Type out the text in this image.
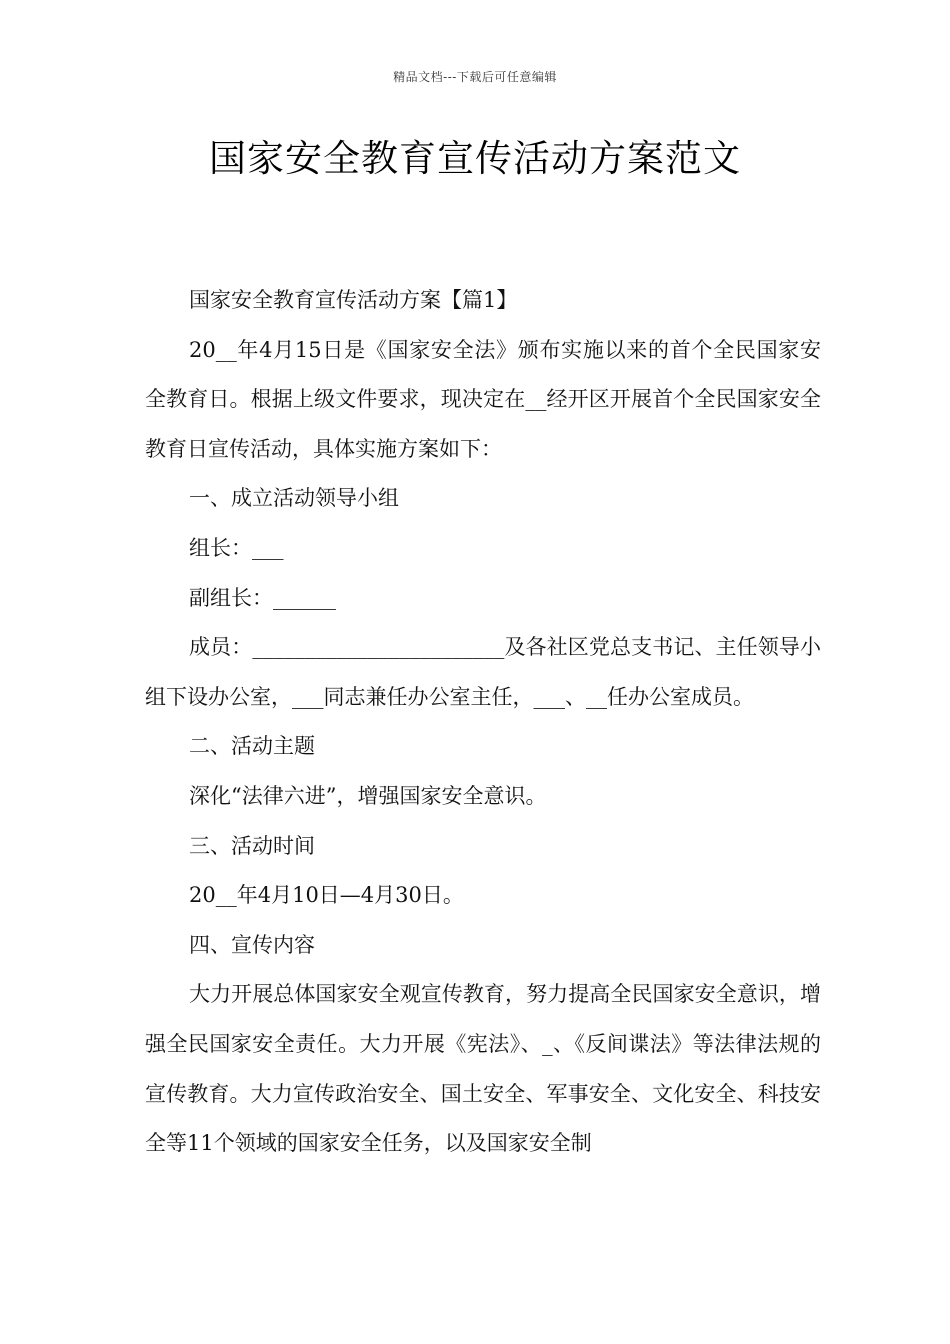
精品文档---下载后可任意编辑
国家安全教育宣传活动方案范文

国家安全教育宣传活动方案【篇1】

20__年4月15日是《国家安全法》颁布实施以来的首个全民国家安全教育日。根据上级文件要求，现决定在__经开区开展首个全民国家安全教育日宣传活动，具体实施方案如下：

一、成立活动领导小组

组长：___

副组长：______

成员：________________________及各社区党总支书记、主任领导小组下设办公室，___同志兼任办公室主任，___、__任办公室成员。

二、活动主题

深化“法律六进”，增强国家安全意识。

三、活动时间

20__年4月10日—4月30日。

四、宣传内容

大力开展总体国家安全观宣传教育，努力提高全民国家安全意识，增强全民国家安全责任。大力开展《宪法》、_、《反间谍法》等法律法规的宣传教育。大力宣传政治安全、国土安全、军事安全、文化安全、科技安全等11个领域的国家安全任务，以及国家安全制
